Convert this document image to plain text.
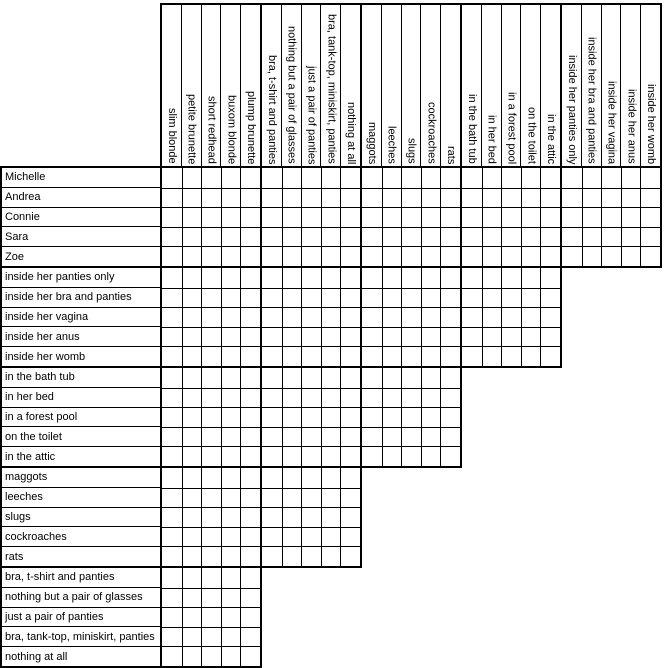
slim blonde petite brunette short redhead buxom blonde plump brunette bra, t-shirt and panties nothing but a pair of glasses just a pair of panties bra, tank-top, miniskirt, panties nothing at all maggots leeches slugs cockroaches rats in the bath tub in her bed in a forest pool on the toilet in the attic inside her panties only inside her bra and panties inside her vagina inside her anus inside her womb
Michelle
Andrea
Connie
Sara
Zoe
inside her panties only
inside her bra and panties
inside her vagina
inside her anus
inside her womb
in the bath tub
in her bed
in a forest pool
on the toilet
in the attic
maggots
leeches
slugs
cockroaches
rats
bra, t-shirt and panties
nothing but a pair of glasses
just a pair of panties
bra, tank-top, miniskirt, panties
nothing at all
